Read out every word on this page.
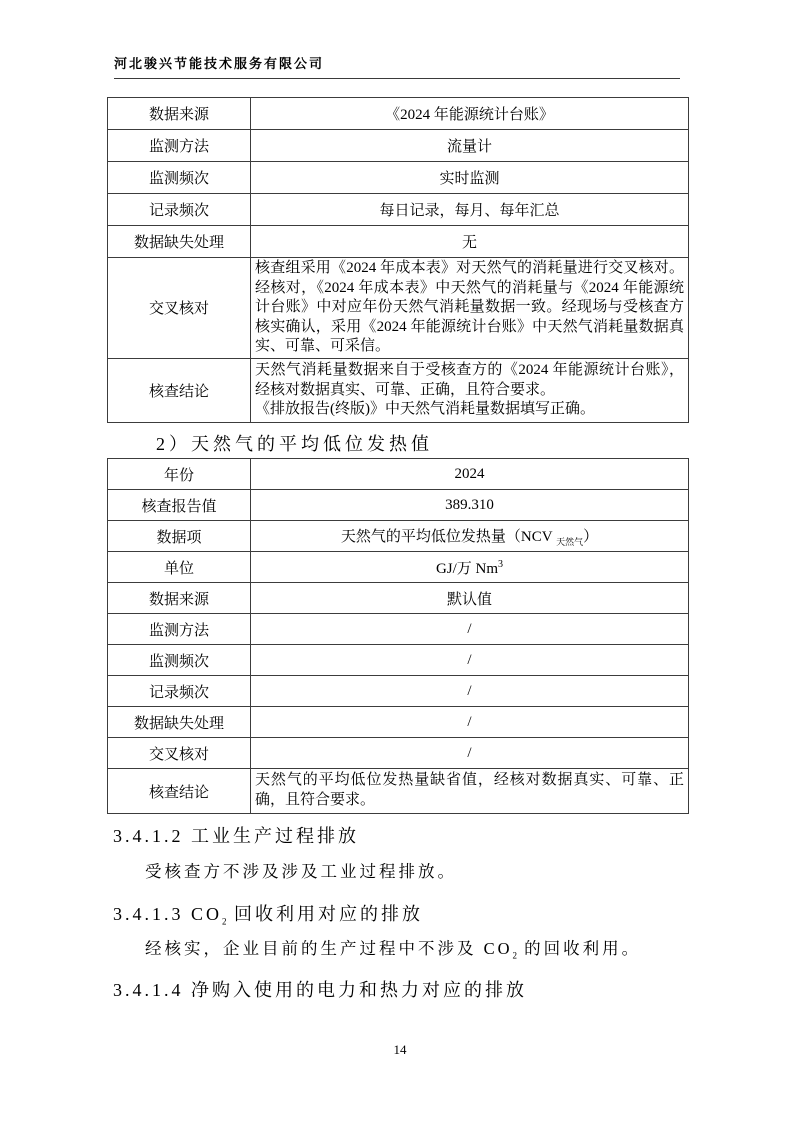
河北骏兴节能技术服务有限公司
数据来源	《2024 年能源统计台账》
监测方法	流量计
监测频次	实时监测
记录频次	每日记录，每月、每年汇总
数据缺失处理	无
交叉核对	核查组采用《2024 年成本表》对天然气的消耗量进行交叉核对。经核对，《2024 年成本表》中天然气的消耗量与《2024 年能源统计台账》中对应年份天然气消耗量数据一致。经现场与受核查方核实确认，采用《2024 年能源统计台账》中天然气消耗量数据真实、可靠、可采信。
核查结论	天然气消耗量数据来自于受核查方的《2024 年能源统计台账》，经核对数据真实、可靠、正确，且符合要求。
《排放报告(终版)》中天然气消耗量数据填写正确。
2）天然气的平均低位发热值
年份	2024
核查报告值	389.310
数据项	天然气的平均低位发热量（NCV $_{天然气}$）
单位	GJ/万 Nm$^3$
数据来源	默认值
监测方法	/
监测频次	/
记录频次	/
数据缺失处理	/
交叉核对	/
核查结论	天然气的平均低位发热量缺省值，经核对数据真实、可靠、正确，且符合要求。
3.4.1.2 工业生产过程排放
受核查方不涉及涉及工业过程排放。
3.4.1.3 $CO_2$ 回收利用对应的排放
经核实，企业目前的生产过程中不涉及 $CO_2$ 的回收利用。
3.4.1.4 净购入使用的电力和热力对应的排放
14
